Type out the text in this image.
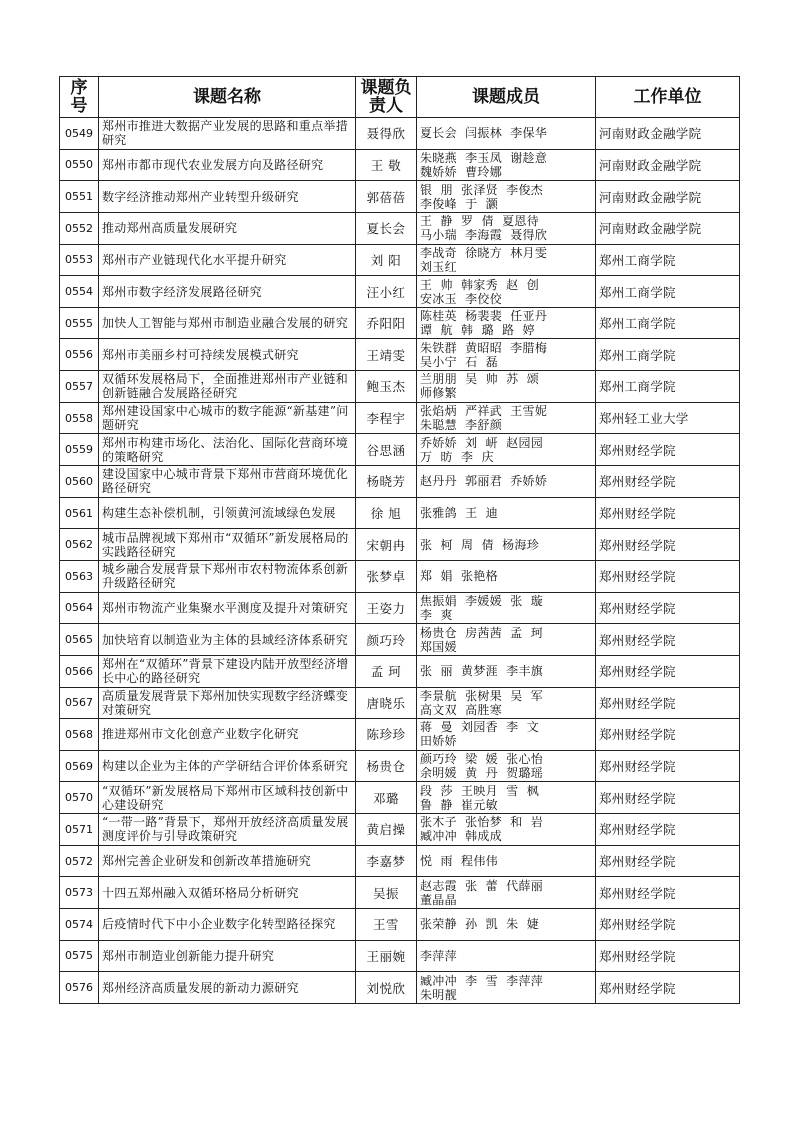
序号	课题名称	课题负责人	课题成员	工作单位
0549	郑州市推进大数据产业发展的思路和重点举措研究	聂得欣	夏长会  闫振林  李保华	河南财政金融学院
0550	郑州市都市现代农业发展方向及路径研究	王 敬	朱晓燕  李玉凤  谢趁意
魏娇娇  曹玲娜	河南财政金融学院
0551	数字经济推动郑州产业转型升级研究	郭蓓蓓	银  朋  张泽贤  李俊杰
李俊峰  于  灏	河南财政金融学院
0552	推动郑州高质量发展研究	夏长会	王  静  罗  倩  夏恩待
马小瑞  李海霞  聂得欣	河南财政金融学院
0553	郑州市产业链现代化水平提升研究	刘 阳	李战奇  徐晓方  林月雯
刘玉红	郑州工商学院
0554	郑州市数字经济发展路径研究	汪小红	王  帅  韩家秀  赵  创
安冰玉  李佼佼	郑州工商学院
0555	加快人工智能与郑州市制造业融合发展的研究	乔阳阳	陈桂英  杨裴裴  任亚丹
谭  航  韩  璐  路  婷	郑州工商学院
0556	郑州市美丽乡村可持续发展模式研究	王靖雯	朱铁群  黄昭昭  李腊梅
吴小宁  石  磊	郑州工商学院
0557	双循环发展格局下，全面推进郑州市产业链和创新链融合发展路径研究	鲍玉杰	兰朋朋  吴  帅  苏  颂
师修繁	郑州工商学院
0558	郑州建设国家中心城市的数字能源“新基建”问题研究	李程宇	张焰炳  严祥武  王雪妮
朱聪慧  李舒颜	郑州轻工业大学
0559	郑州市构建市场化、法治化、国际化营商环境的策略研究	谷思涵	乔娇娇  刘  岍  赵园园
万  昉  李  庆	郑州财经学院
0560	建设国家中心城市背景下郑州市营商环境优化路径研究	杨晓芳	赵丹丹  郭丽君  乔娇娇	郑州财经学院
0561	构建生态补偿机制，引领黄河流域绿色发展	徐 旭	张雅鸽  王  迪	郑州财经学院
0562	城市品牌视域下郑州市“双循环”新发展格局的实践路径研究	宋朝冉	张  柯  周  倩  杨海珍	郑州财经学院
0563	城乡融合发展背景下郑州市农村物流体系创新升级路径研究	张梦卓	郑  娟  张艳格	郑州财经学院
0564	郑州市物流产业集聚水平测度及提升对策研究	王姿力	焦振娟  李媛媛  张  璇
李  爽	郑州财经学院
0565	加快培育以制造业为主体的县域经济体系研究	颜巧玲	杨贵仓  房茜茜  孟  珂
郑国媛	郑州财经学院
0566	郑州在“双循环”背景下建设内陆开放型经济增长中心的路径研究	孟 珂	张  丽  黄梦涯  李丰旗	郑州财经学院
0567	高质量发展背景下郑州加快实现数字经济蝶变对策研究	唐晓乐	李景航  张树果  吴  军
高文双  高胜寒	郑州财经学院
0568	推进郑州市文化创意产业数字化研究	陈珍珍	蒋  曼  刘园香  李  文
田娇娇	郑州财经学院
0569	构建以企业为主体的产学研结合评价体系研究	杨贵仓	颜巧玲  梁  媛  张心怡
余明媛  黄  丹  贺璐瑶	郑州财经学院
0570	“双循环”新发展格局下郑州市区域科技创新中心建设研究	邓璐	段  莎  王映月  雪  枫
鲁  静  崔元敏	郑州财经学院
0571	“一带一路”背景下，郑州开放经济高质量发展测度评价与引导政策研究	黄启操	张木子  张怡梦  和  岩
臧冲冲  韩成成	郑州财经学院
0572	郑州完善企业研发和创新改革措施研究	李嘉梦	悦  雨  程伟伟	郑州财经学院
0573	十四五郑州融入双循环格局分析研究	吴振	赵志霞  张  蕾  代薛丽
董晶晶	郑州财经学院
0574	后疫情时代下中小企业数字化转型路径探究	王雪	张荣静  孙  凯  朱  婕	郑州财经学院
0575	郑州市制造业创新能力提升研究	王丽婉	李萍萍	郑州财经学院
0576	郑州经济高质量发展的新动力源研究	刘悦欣	臧冲冲  李  雪  李萍萍
朱明靓	郑州财经学院
